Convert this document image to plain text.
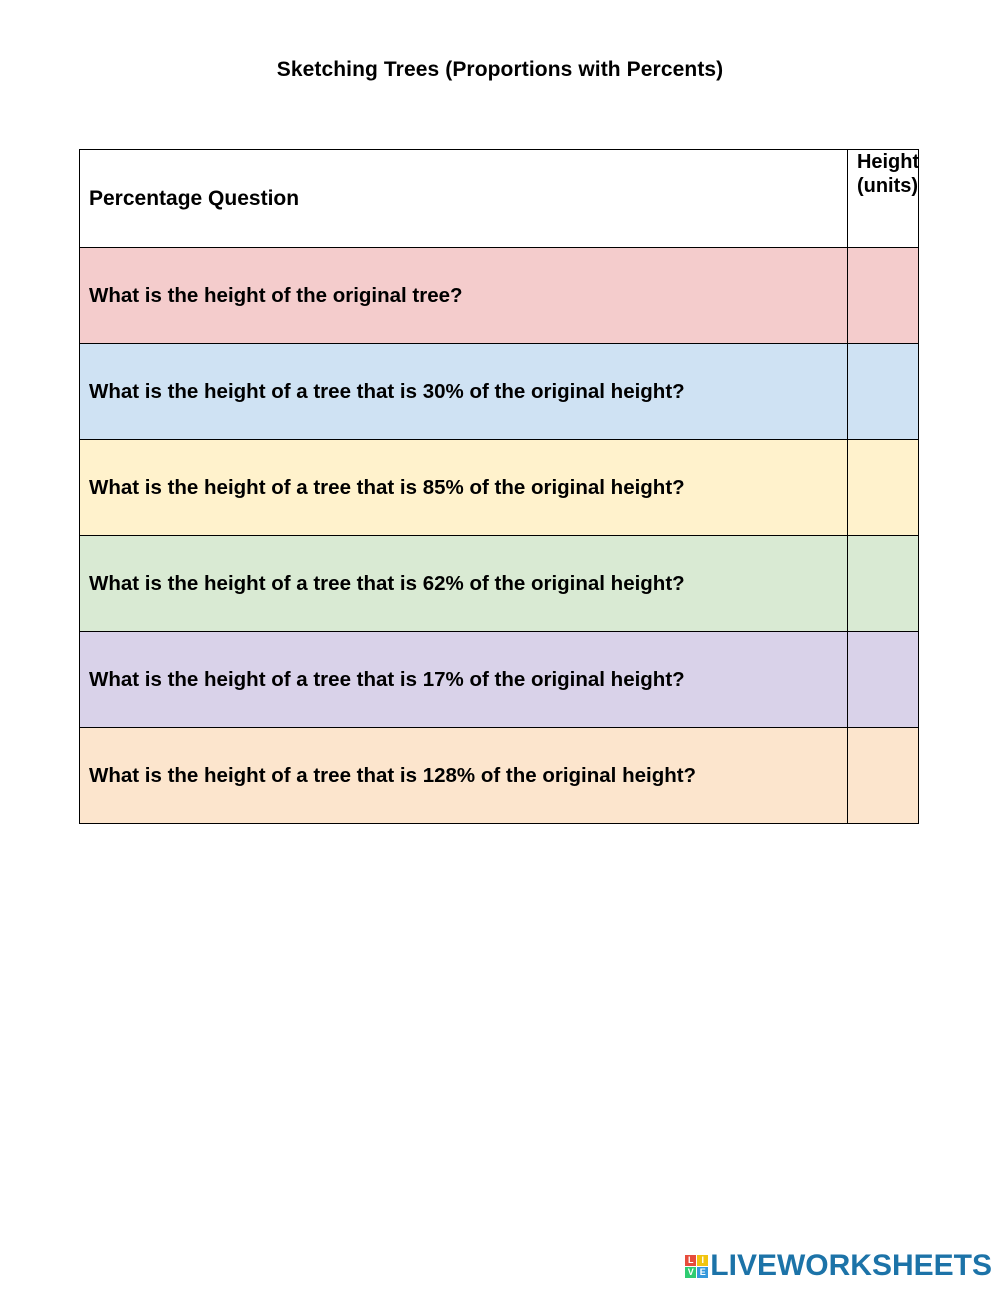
Sketching Trees (Proportions with Percents)
Percentage Question	Height (units)
What is the height of the original tree?	
What is the height of a tree that is 30% of the original height?	
What is the height of a tree that is 85% of the original height?	
What is the height of a tree that is 62% of the original height?	
What is the height of a tree that is 17% of the original height?	
What is the height of a tree that is 128% of the original height?	
L I
V E LIVEWORKSHEETS
